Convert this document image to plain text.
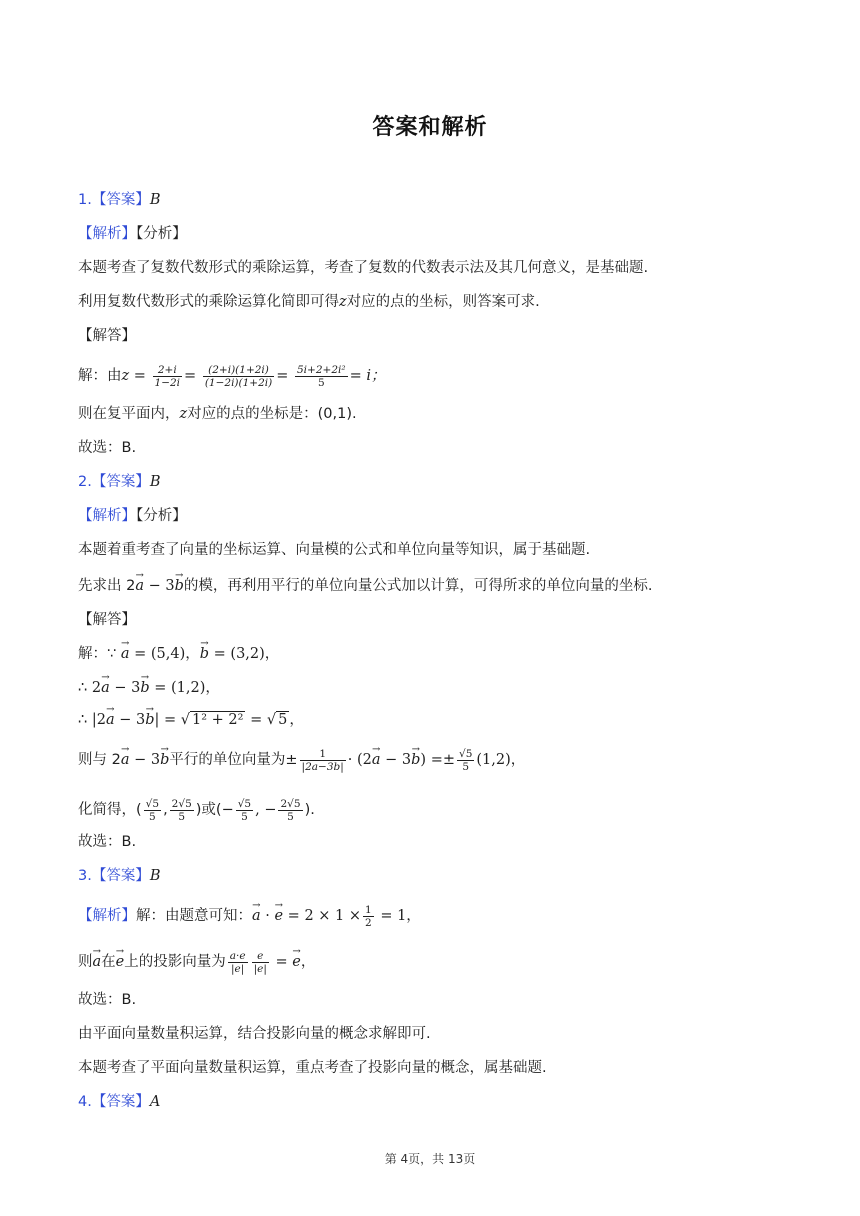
答案和解析
1.【答案】B
【解析】【分析】
本题考查了复数代数形式的乘除运算，考查了复数的代数表示法及其几何意义，是基础题.
利用复数代数形式的乘除运算化简即可得z对应的点的坐标，则答案可求.
【解答】
解：由$z = \frac{2+i}{1-2i} = \frac{(2+i)(1+2i)}{(1-2i)(1+2i)} = \frac{\text{5i+2+2i²}}{5} = i$；
则在复平面内，z对应的点的坐标是：(0,1).
故选：B.
2.【答案】B
【解析】【分析】
本题着重考查了向量的坐标运算、向量模的公式和单位向量等知识，属于基础题.
先求出 2→ a − 3→ b的模，再利用平行的单位向量公式加以计算，可得所求的单位向量的坐标.
【解答】
解：∵ → a = (5,4)，→ b = (3,2)，
∴ 2→ a − 3→ b = (1,2)，
∴ |2→ a − 3→ b| = √ 1² + 2² = √ 5 ，
则与 2→ a − 3→ b平行的单位向量为± $\frac{1}{|2a-3b|} \cdot (2\to a - 3\to b) =\pm \frac{√5}{5} (1,2)$，
化简得，( $\frac{√5}{5}$ , $\frac{2√5}{5}$ )或(− $\frac{√5}{5}$ , − $\frac{2√5}{5}$ ).
故选：B.
3.【答案】B
【解析】解：由题意可知：→ a · → $e = 2 \times 1 \times \frac{1}{2} = 1$，
则→ a在→ e上的投影向量为 $\frac{a\cdot e}{|e|} \frac{e}{|e|}$ = → e，
故选：B.
由平面向量数量积运算，结合投影向量的概念求解即可.
本题考查了平面向量数量积运算，重点考查了投影向量的概念，属基础题.
4.【答案】A
第 4页，共 13页
